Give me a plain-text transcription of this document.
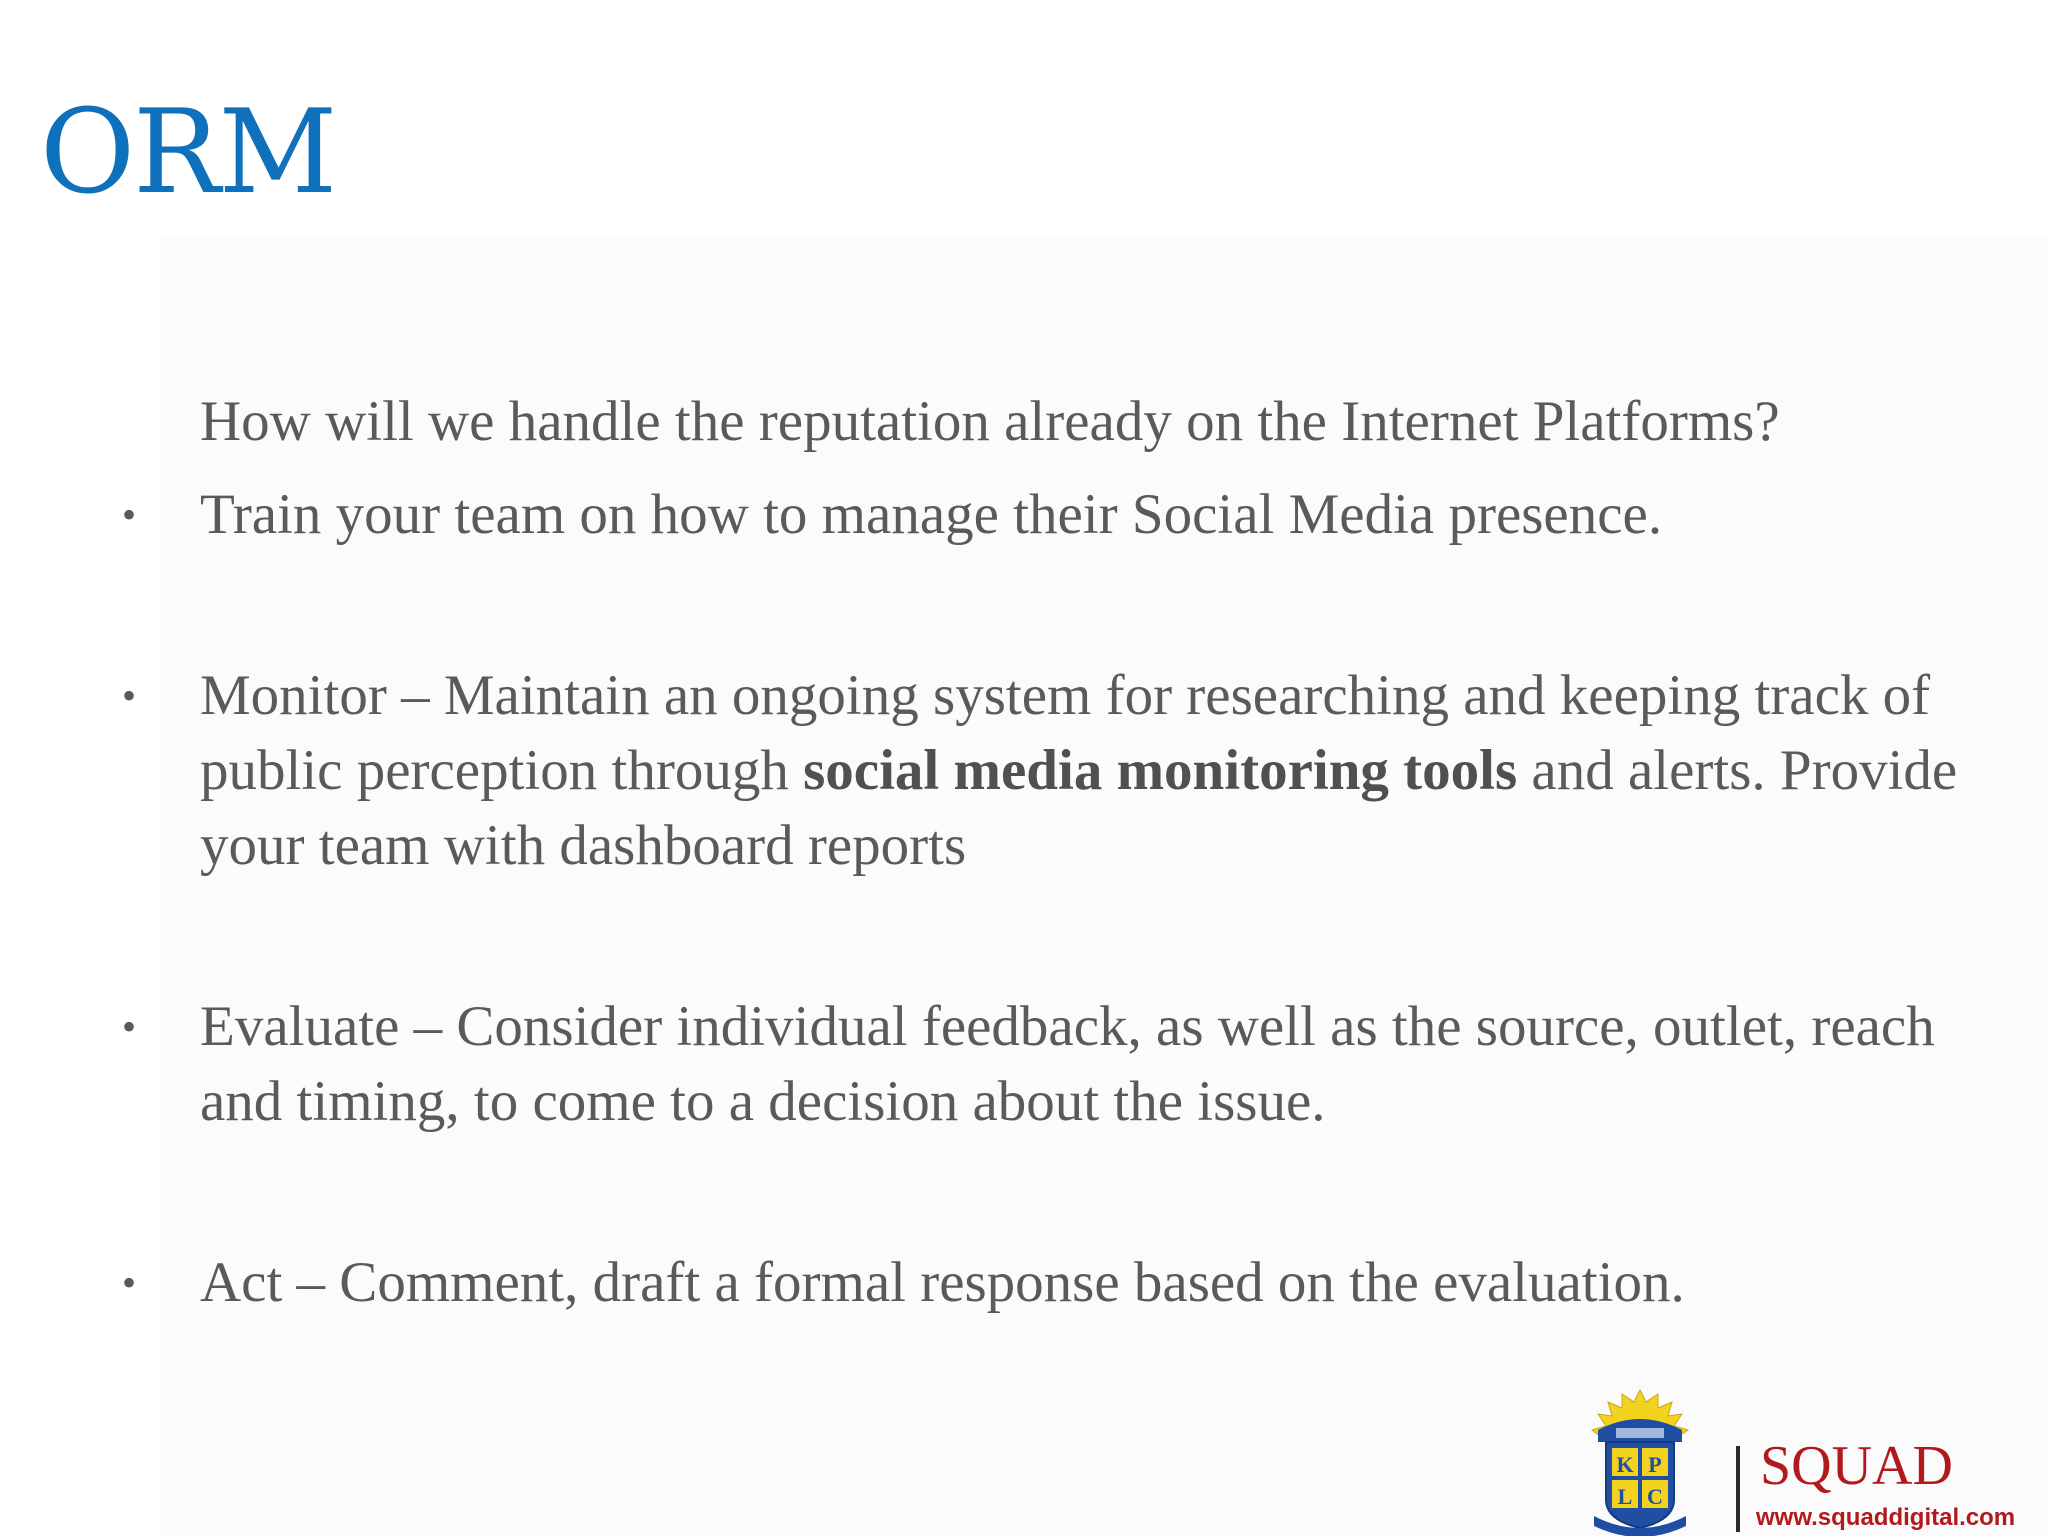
ORM

How will we handle the reputation already on the Internet Platforms?

• Train your team on how to manage their Social Media presence.
• Monitor – Maintain an ongoing system for researching and keeping track of public perception through social media monitoring tools and alerts. Provide your team with dashboard reports
• Evaluate – Consider individual feedback, as well as the source, outlet, reach and timing, to come to a decision about the issue.
• Act – Comment, draft a formal response based on the evaluation.
K P
L C SQUAD
www.squaddigital.com
